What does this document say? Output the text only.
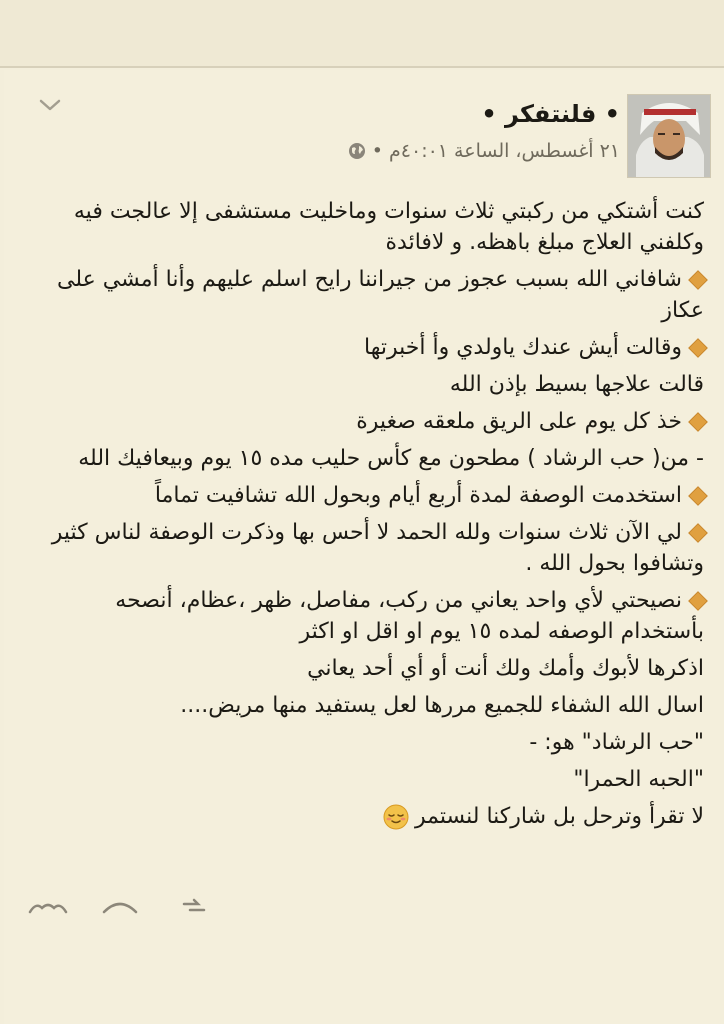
• فلنتفكر •
٢١ أغسطس، الساعة ٤٠:٠١م •

كنت أشتكي من ركبتي ثلاث سنوات وماخليت مستشفى إلا عالجت فيه وكلفني العلاج مبلغ باهظه. و لافائدة

شافاني الله بسبب عجوز من جيراننا رايح اسلم عليهم وأنا أمشي على عكاز

وقالت أيش عندك ياولدي وأ أخبرتها

قالت علاجها بسيط بإذن الله

خذ كل يوم على الريق ملعقه صغيرة

- من( حب الرشاد ) مطحون مع كأس حليب مده ١٥ يوم وبيعافيك الله

استخدمت الوصفة لمدة أربع أيام وبحول الله تشافيت تماماً

لي الآن ثلاث سنوات ولله الحمد لا أحس بها وذكرت الوصفة لناس كثير وتشافوا بحول الله .

نصيحتي لأي واحد يعاني من ركب، مفاصل، ظهر ،عظام، أنصحه بأستخدام الوصفه لمده ١٥ يوم او اقل او اكثر

اذكرها لأبوك وأمك ولك أنت أو أي أحد يعاني

اسال الله الشفاء للجميع مررها لعل يستفيد منها مريض....

"حب الرشاد" هو: -

"الحبه الحمرا"

لا تقرأ وترحل بل شاركنا لنستمر
